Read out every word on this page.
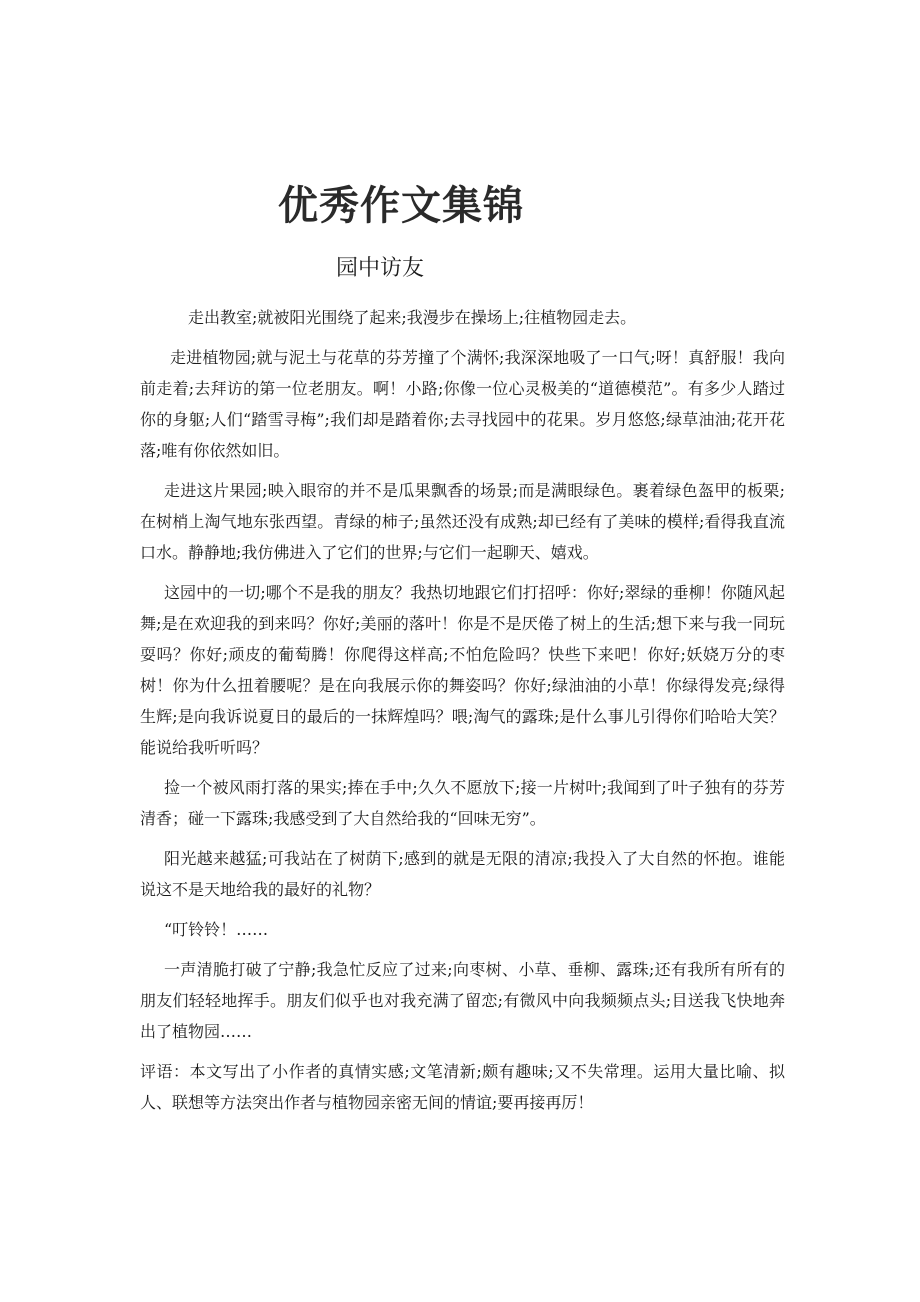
优秀作文集锦
园中访友

走出教室;就被阳光围绕了起来;我漫步在操场上;往植物园走去。

走进植物园;就与泥土与花草的芬芳撞了个满怀;我深深地吸了一口气;呀！真舒服！我向前走着;去拜访的第一位老朋友。啊！小路;你像一位心灵极美的“道德模范”。有多少人踏过你的身躯;人们“踏雪寻梅”;我们却是踏着你;去寻找园中的花果。岁月悠悠;绿草油油;花开花落;唯有你依然如旧。

走进这片果园;映入眼帘的并不是瓜果飘香的场景;而是满眼绿色。裹着绿色盔甲的板栗;在树梢上淘气地东张西望。青绿的柿子;虽然还没有成熟;却已经有了美味的模样;看得我直流口水。静静地;我仿佛进入了它们的世界;与它们一起聊天、嬉戏。

这园中的一切;哪个不是我的朋友？我热切地跟它们打招呼：你好;翠绿的垂柳！你随风起舞;是在欢迎我的到来吗？你好;美丽的落叶！你是不是厌倦了树上的生活;想下来与我一同玩耍吗？你好;顽皮的葡萄腾！你爬得这样高;不怕危险吗？快些下来吧！你好;妖娆万分的枣树！你为什么扭着腰呢？是在向我展示你的舞姿吗？你好;绿油油的小草！你绿得发亮;绿得生辉;是向我诉说夏日的最后的一抹辉煌吗？喂;淘气的露珠;是什么事儿引得你们哈哈大笑？能说给我听听吗？

捡一个被风雨打落的果实;捧在手中;久久不愿放下;接一片树叶;我闻到了叶子独有的芬芳清香；碰一下露珠;我感受到了大自然给我的“回味无穷”。

阳光越来越猛;可我站在了树荫下;感到的就是无限的清凉;我投入了大自然的怀抱。谁能说这不是天地给我的最好的礼物？

“叮铃铃！……

一声清脆打破了宁静;我急忙反应了过来;向枣树、小草、垂柳、露珠;还有我所有所有的朋友们轻轻地挥手。朋友们似乎也对我充满了留恋;有微风中向我频频点头;目送我飞快地奔出了植物园……

评语：本文写出了小作者的真情实感;文笔清新;颇有趣味;又不失常理。运用大量比喻、拟人、联想等方法突出作者与植物园亲密无间的情谊;要再接再厉！
